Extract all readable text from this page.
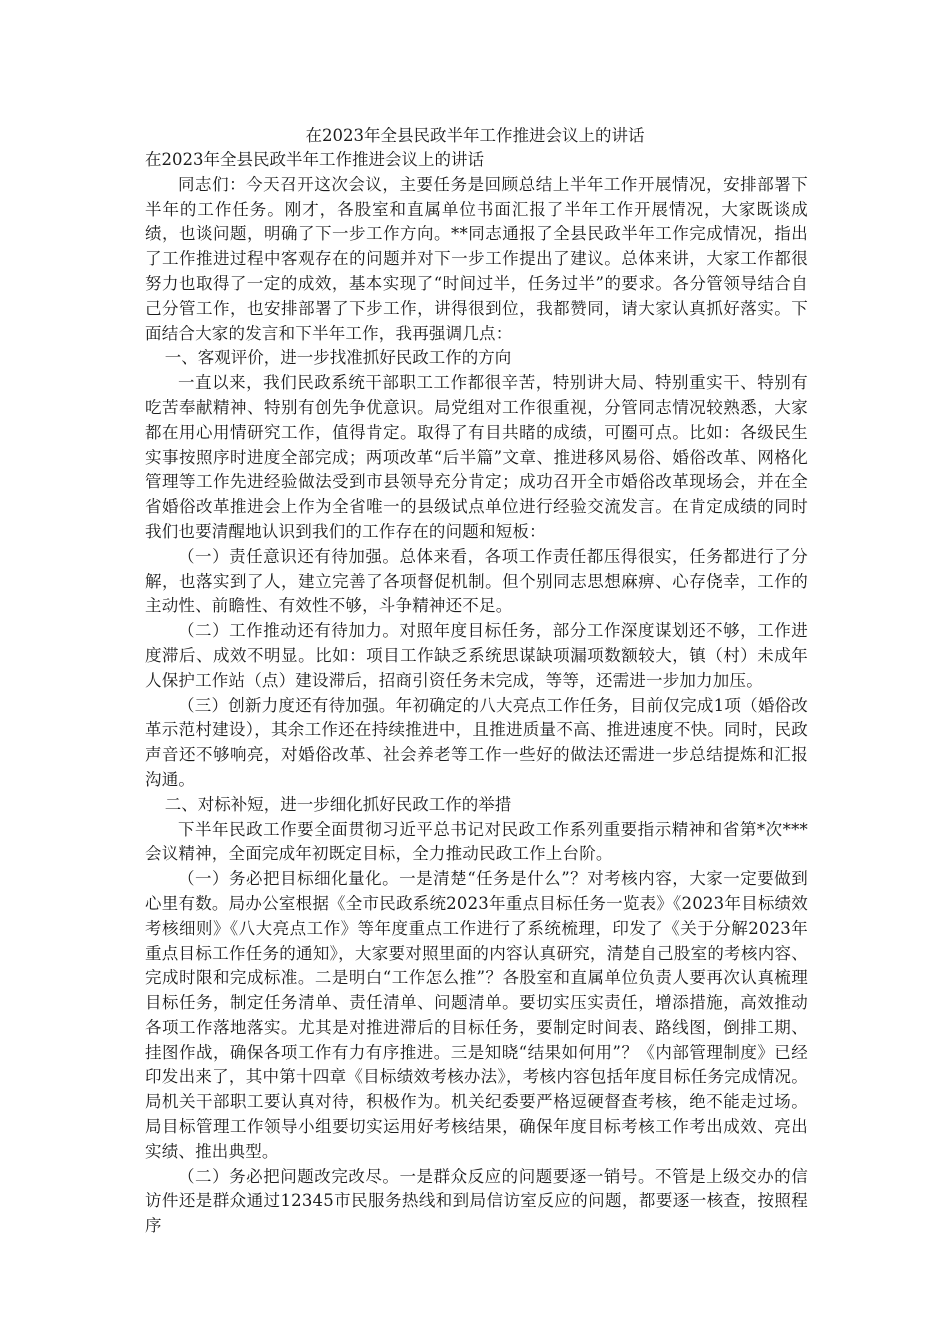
在2023年全县民政半年工作推进会议上的讲话

在2023年全县民政半年工作推进会议上的讲话

同志们：今天召开这次会议，主要任务是回顾总结上半年工作开展情况，安排部署下半年的工作任务。刚才，各股室和直属单位书面汇报了半年工作开展情况，大家既谈成绩，也谈问题，明确了下一步工作方向。**同志通报了全县民政半年工作完成情况，指出了工作推进过程中客观存在的问题并对下一步工作提出了建议。总体来讲，大家工作都很努力也取得了一定的成效，基本实现了“时间过半，任务过半”的要求。各分管领导结合自己分管工作，也安排部署了下步工作，讲得很到位，我都赞同，请大家认真抓好落实。下面结合大家的发言和下半年工作，我再强调几点：

一、客观评价，进一步找准抓好民政工作的方向

一直以来，我们民政系统干部职工工作都很辛苦，特别讲大局、特别重实干、特别有吃苦奉献精神、特别有创先争优意识。局党组对工作很重视，分管同志情况较熟悉，大家都在用心用情研究工作，值得肯定。取得了有目共睹的成绩，可圈可点。比如：各级民生实事按照序时进度全部完成；两项改革“后半篇”文章、推进移风易俗、婚俗改革、网格化管理等工作先进经验做法受到市县领导充分肯定；成功召开全市婚俗改革现场会，并在全省婚俗改革推进会上作为全省唯一的县级试点单位进行经验交流发言。在肯定成绩的同时我们也要清醒地认识到我们的工作存在的问题和短板：

（一）责任意识还有待加强。总体来看，各项工作责任都压得很实，任务都进行了分解，也落实到了人，建立完善了各项督促机制。但个别同志思想麻痹、心存侥幸，工作的主动性、前瞻性、有效性不够，斗争精神还不足。

（二）工作推动还有待加力。对照年度目标任务，部分工作深度谋划还不够，工作进度滞后、成效不明显。比如：项目工作缺乏系统思谋缺项漏项数额较大，镇（村）未成年人保护工作站（点）建设滞后，招商引资任务未完成，等等，还需进一步加力加压。

（三）创新力度还有待加强。年初确定的八大亮点工作任务，目前仅完成1项（婚俗改革示范村建设），其余工作还在持续推进中，且推进质量不高、推进速度不快。同时，民政声音还不够响亮，对婚俗改革、社会养老等工作一些好的做法还需进一步总结提炼和汇报沟通。

二、对标补短，进一步细化抓好民政工作的举措

下半年民政工作要全面贯彻习近平总书记对民政工作系列重要指示精神和省第*次***会议精神，全面完成年初既定目标，全力推动民政工作上台阶。

（一）务必把目标细化量化。一是清楚“任务是什么”？对考核内容，大家一定要做到心里有数。局办公室根据《全市民政系统2023年重点目标任务一览表》《2023年目标绩效考核细则》《八大亮点工作》等年度重点工作进行了系统梳理，印发了《关于分解2023年重点目标工作任务的通知》，大家要对照里面的内容认真研究，清楚自己股室的考核内容、完成时限和完成标准。二是明白“工作怎么推”？各股室和直属单位负责人要再次认真梳理目标任务，制定任务清单、责任清单、问题清单。要切实压实责任，增添措施，高效推动各项工作落地落实。尤其是对推进滞后的目标任务，要制定时间表、路线图，倒排工期、挂图作战，确保各项工作有力有序推进。三是知晓“结果如何用”？《内部管理制度》已经印发出来了，其中第十四章《目标绩效考核办法》，考核内容包括年度目标任务完成情况。局机关干部职工要认真对待，积极作为。机关纪委要严格逗硬督查考核，绝不能走过场。局目标管理工作领导小组要切实运用好考核结果，确保年度目标考核工作考出成效、亮出实绩、推出典型。

（二）务必把问题改完改尽。一是群众反应的问题要逐一销号。不管是上级交办的信访件还是群众通过12345市民服务热线和到局信访室反应的问题，都要逐一核查，按照程序
